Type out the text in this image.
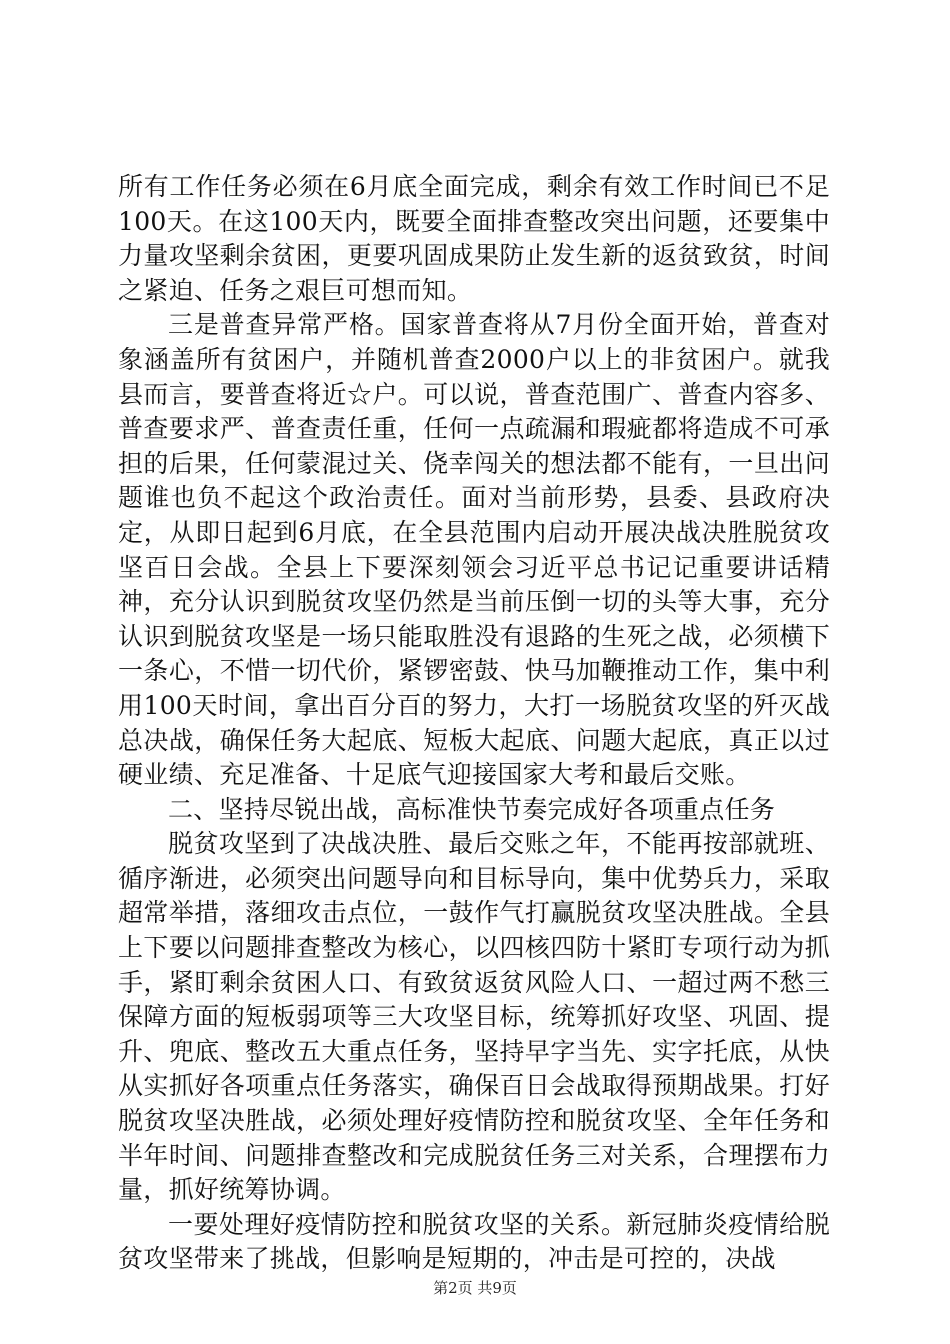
所有工作任务必须在6月底全面完成，剩余有效工作时间已不足100天。在这100天内，既要全面排查整改突出问题，还要集中力量攻坚剩余贫困，更要巩固成果防止发生新的返贫致贫，时间之紧迫、任务之艰巨可想而知。

三是普查异常严格。国家普查将从7月份全面开始，普查对象涵盖所有贫困户，并随机普查2000户以上的非贫困户。就我县而言，要普查将近☆户。可以说，普查范围广、普查内容多、普查要求严、普查责任重，任何一点疏漏和瑕疵都将造成不可承担的后果，任何蒙混过关、侥幸闯关的想法都不能有，一旦出问题谁也负不起这个政治责任。面对当前形势，县委、县政府决定，从即日起到6月底，在全县范围内启动开展决战决胜脱贫攻坚百日会战。全县上下要深刻领会习近平总书记记重要讲话精神，充分认识到脱贫攻坚仍然是当前压倒一切的头等大事，充分认识到脱贫攻坚是一场只能取胜没有退路的生死之战，必须横下一条心，不惜一切代价，紧锣密鼓、快马加鞭推动工作，集中利用100天时间，拿出百分百的努力，大打一场脱贫攻坚的歼灭战总决战，确保任务大起底、短板大起底、问题大起底，真正以过硬业绩、充足准备、十足底气迎接国家大考和最后交账。

二、坚持尽锐出战，高标准快节奏完成好各项重点任务

脱贫攻坚到了决战决胜、最后交账之年，不能再按部就班、循序渐进，必须突出问题导向和目标导向，集中优势兵力，采取超常举措，落细攻击点位，一鼓作气打赢脱贫攻坚决胜战。全县上下要以问题排查整改为核心，以四核四防十紧盯专项行动为抓手，紧盯剩余贫困人口、有致贫返贫风险人口、一超过两不愁三保障方面的短板弱项等三大攻坚目标，统筹抓好攻坚、巩固、提升、兜底、整改五大重点任务，坚持早字当先、实字托底，从快从实抓好各项重点任务落实，确保百日会战取得预期战果。打好脱贫攻坚决胜战，必须处理好疫情防控和脱贫攻坚、全年任务和半年时间、问题排查整改和完成脱贫任务三对关系，合理摆布力量，抓好统筹协调。

一要处理好疫情防控和脱贫攻坚的关系。新冠肺炎疫情给脱贫攻坚带来了挑战，但影响是短期的，冲击是可控的，决战

第2页 共9页
